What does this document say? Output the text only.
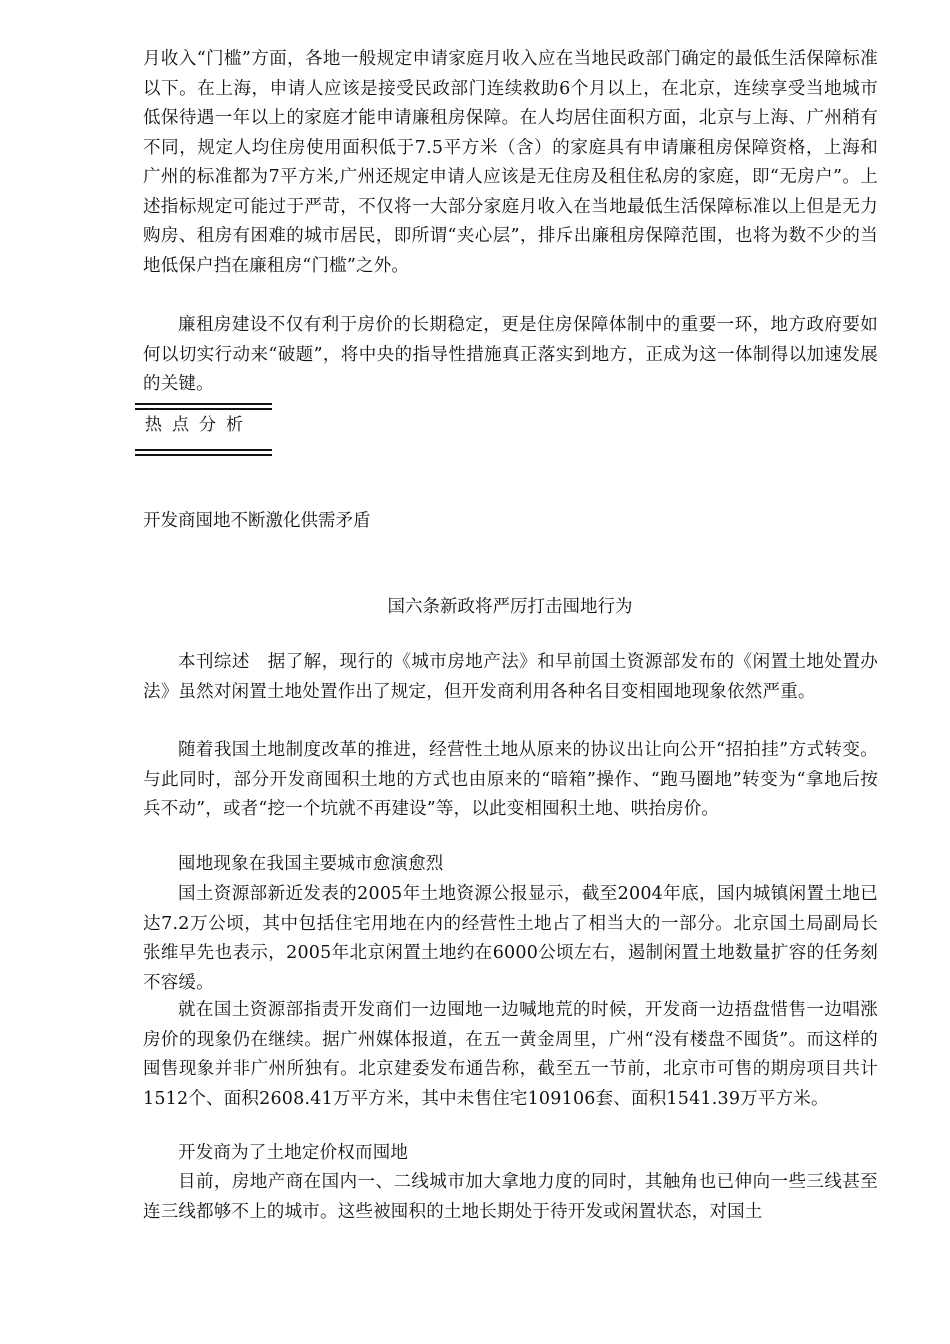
月收入“门槛”方面，各地一般规定申请家庭月收入应在当地民政部门确定的最低生活保障标准以下。在上海，申请人应该是接受民政部门连续救助6个月以上，在北京，连续享受当地城市低保待遇一年以上的家庭才能申请廉租房保障。在人均居住面积方面，北京与上海、广州稍有不同，规定人均住房使用面积低于7.5平方米（含）的家庭具有申请廉租房保障资格，上海和广州的标准都为7平方米,广州还规定申请人应该是无住房及租住私房的家庭，即“无房户”。上述指标规定可能过于严苛，不仅将一大部分家庭月收入在当地最低生活保障标准以上但是无力购房、租房有困难的城市居民，即所谓“夹心层”，排斥出廉租房保障范围，也将为数不少的当地低保户挡在廉租房“门槛”之外。

廉租房建设不仅有利于房价的长期稳定，更是住房保障体制中的重要一环，地方政府要如何以切实行动来“破题”，将中央的指导性措施真正落实到地方，正成为这一体制得以加速发展的关键。

热点分析
开发商囤地不断激化供需矛盾
国六条新政将严厉打击囤地行为

本刊综述　据了解，现行的《城市房地产法》和早前国土资源部发布的《闲置土地处置办法》虽然对闲置土地处置作出了规定，但开发商利用各种名目变相囤地现象依然严重。

随着我国土地制度改革的推进，经营性土地从原来的协议出让向公开“招拍挂”方式转变。与此同时，部分开发商囤积土地的方式也由原来的“暗箱”操作、“跑马圈地”转变为“拿地后按兵不动”，或者“挖一个坑就不再建设”等，以此变相囤积土地、哄抬房价。

囤地现象在我国主要城市愈演愈烈

国土资源部新近发表的2005年土地资源公报显示，截至2004年底，国内城镇闲置土地已达7.2万公顷，其中包括住宅用地在内的经营性土地占了相当大的一部分。北京国土局副局长张维早先也表示，2005年北京闲置土地约在6000公顷左右，遏制闲置土地数量扩容的任务刻不容缓。

就在国土资源部指责开发商们一边囤地一边喊地荒的时候，开发商一边捂盘惜售一边唱涨房价的现象仍在继续。据广州媒体报道，在五一黄金周里，广州“没有楼盘不囤货”。而这样的囤售现象并非广州所独有。北京建委发布通告称，截至五一节前，北京市可售的期房项目共计1512个、面积2608.41万平方米，其中未售住宅109106套、面积1541.39万平方米。

开发商为了土地定价权而囤地

目前，房地产商在国内一、二线城市加大拿地力度的同时，其触角也已伸向一些三线甚至连三线都够不上的城市。这些被囤积的土地长期处于待开发或闲置状态，对国土
